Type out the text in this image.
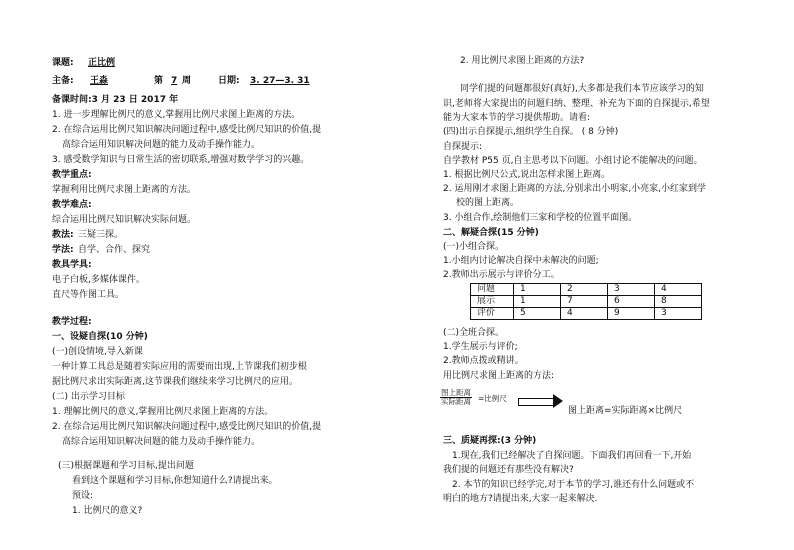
课题: 正比例
主备: 王淼	第 7 周	日期: 3. 27—3. 31
备课时间:3 月 23 日 2017 年
1. 进一步理解比例尺的意义,掌握用比例尺求图上距离的方法。
2. 在综合运用比例尺知识解决问题过程中,感受比例尺知识的价值,提
高综合运用知识解决问题的能力及动手操作能力。
3. 感受数学知识与日常生活的密切联系,增强对数学学习的兴趣。
教学重点:
掌握利用比例尺求图上距离的方法。
教学难点:
综合运用比例尺知识解决实际问题。
教法: 三疑三探。
学法: 自学、合作、探究
教具学具:
电子白板,多媒体课件。
直尺等作图工具。
教学过程:
一、设疑自探(10 分钟)
(一)创设情境,导入新课
一种计算工具总是随着实际应用的需要而出现,上节课我们初步根
据比例尺求出实际距离,这节课我们继续来学习比例尺的应用。
(二) 出示学习目标
1. 理解比例尺的意义,掌握用比例尺求图上距离的方法。
2. 在综合运用比例尺知识解决问题过程中,感受比例尺知识的价值,提
高综合运用知识解决问题的能力及动手操作能力。
(三)根据课题和学习目标,提出问题
看到这个课题和学习目标,你想知道什么?请提出来。
预设:
1. 比例尺的意义?
2. 用比例尺求图上距离的方法?
同学们提的问题都很好(真好),大多都是我们本节应该学习的知
识,老师将大家提出的问题归纳、整理、补充为下面的自探提示,希望
能为大家本节的学习提供帮助。请看:
(四)出示自探提示,组织学生自探。 ( 8 分钟)
自探提示:
自学教材 P55 页,自主思考以下问题。小组讨论不能解决的问题。
1. 根据比例尺公式,说出怎样求图上距离。
2. 运用刚才求图上距离的方法,分别求出小明家,小亮家,小红家到学
校的图上距离。
3. 小组合作,绘制他们三家和学校的位置平面图。
二、解疑合探(15 分钟)
(一)小组合探。
1.小组内讨论解决自探中未解决的问题;
2.教师出示展示与评价分工。
问题	1	2	3	4
展示	1	7	6	8
评价	5	4	9	3
(二)全班合探。
1.学生展示与评价;
2.教师点拨或精讲。
用比例尺求图上距离的方法:
图上距离
实际距离 =比例尺
图上距离=实际距离×比例尺
三、质疑再探:(3 分钟)
1.现在,我们已经解决了自探问题。下面我们再回看一下,开始
我们提的问题还有那些没有解决?
2. 本节的知识已经学完,对于本节的学习,谁还有什么问题或不
明白的地方?请提出来,大家一起来解决.
